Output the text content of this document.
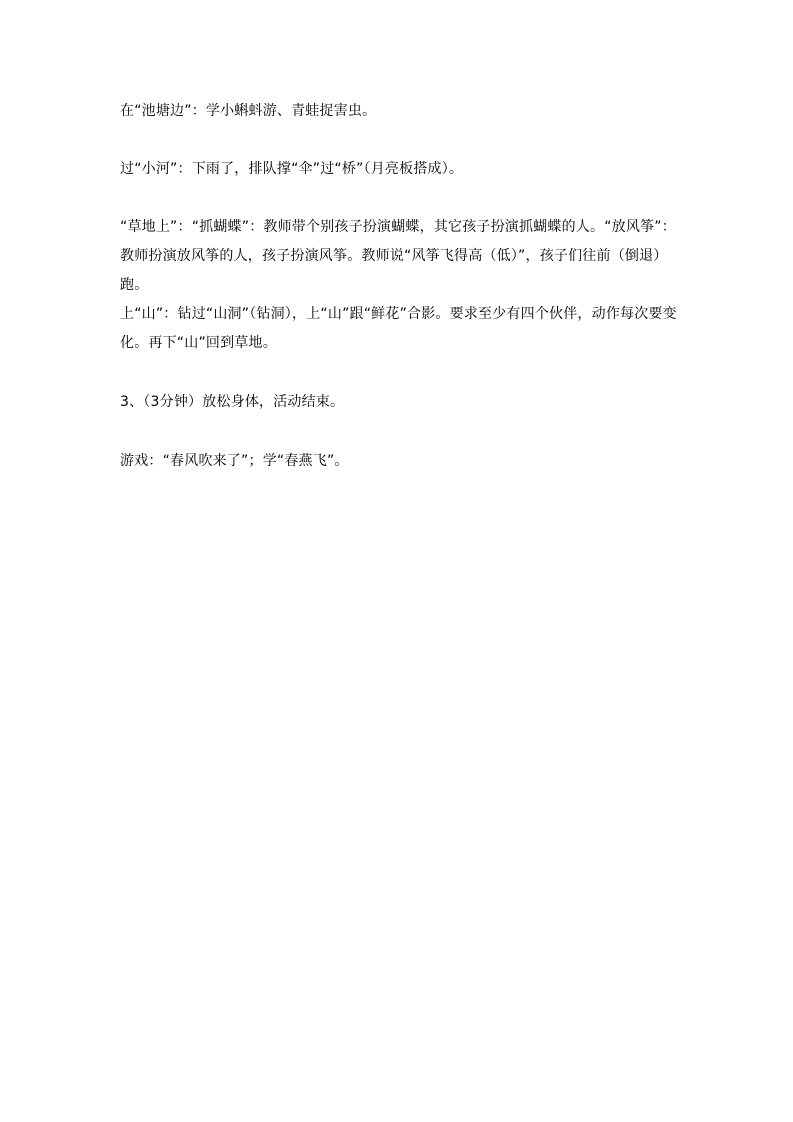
在“池塘边”：学小蝌蚪游、青蛙捉害虫。

过“小河”：下雨了，排队撑“伞”过“桥”（月亮板搭成）。

“草地上”：“抓蝴蝶”：教师带个别孩子扮演蝴蝶，其它孩子扮演抓蝴蝶的人。“放风筝”：教师扮演放风筝的人，孩子扮演风筝。教师说“风筝飞得高（低）”，孩子们往前（倒退）跑。

上“山”：钻过“山洞”（钻洞），上“山”跟“鲜花”合影。要求至少有四个伙伴，动作每次要变化。再下“山”回到草地。

3、（3分钟）放松身体，活动结束。

游戏：“春风吹来了”；学“春燕飞”。
